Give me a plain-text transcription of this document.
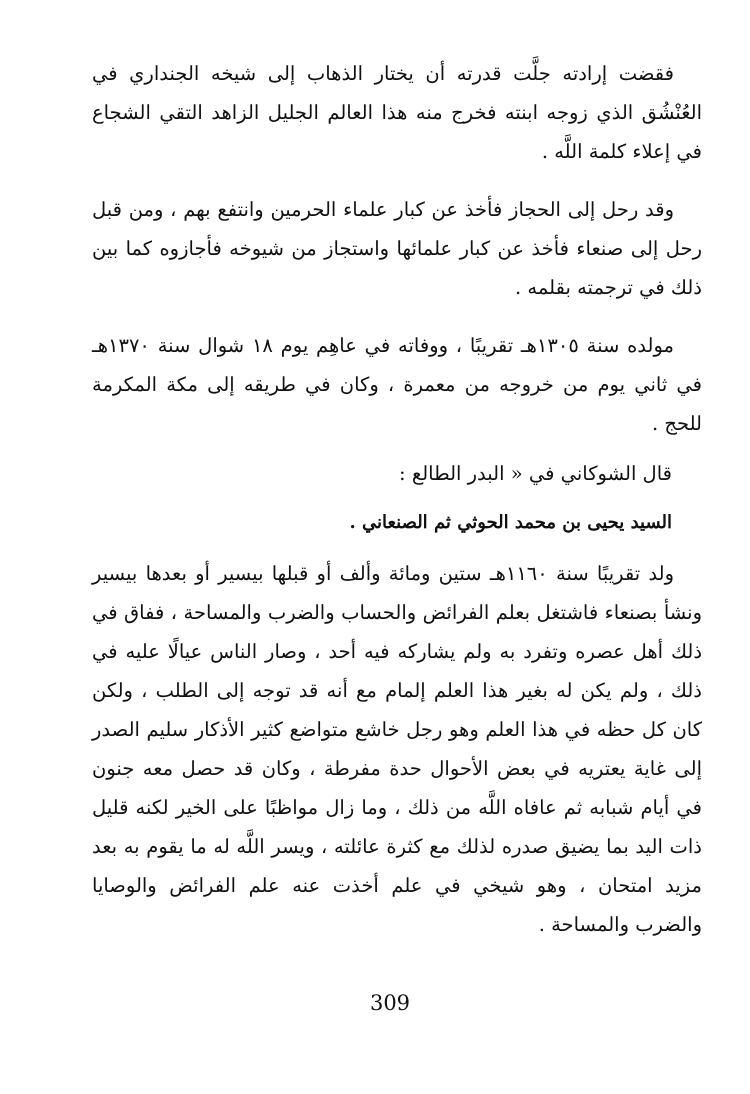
فقضت إرادته جلَّت قدرته أن يختار الذهاب إلى شيخه الجنداري في العُنْشُق الذي زوجه ابنته فخرج منه هذا العالم الجليل الزاهد التقي الشجاع في إعلاء كلمة اللَّه .

وقد رحل إلى الحجاز فأخذ عن كبار علماء الحرمين وانتفع بهم ، ومن قبل رحل إلى صنعاء فأخذ عن كبار علمائها واستجاز من شيوخه فأجازوه كما بين ذلك في ترجمته بقلمه .

مولده سنة ١٣٠٥هـ تقريبًا ، ووفاته في عاهِم يوم ١٨ شوال سنة ١٣٧٠هـ في ثاني يوم من خروجه من معمرة ، وكان في طريقه إلى مكة المكرمة للحج .

قال الشوكاني في « البدر الطالع :

السيد يحيى بن محمد الحوثي ثم الصنعاني .

ولد تقريبًا سنة ١١٦٠هـ ستين ومائة وألف أو قبلها بيسير أو بعدها بيسير ونشأ بصنعاء فاشتغل بعلم الفرائض والحساب والضرب والمساحة ، ففاق في ذلك أهل عصره وتفرد به ولم يشاركه فيه أحد ، وصار الناس عيالًا عليه في ذلك ، ولم يكن له بغير هذا العلم إلمام مع أنه قد توجه إلى الطلب ، ولكن كان كل حظه في هذا العلم وهو رجل خاشع متواضع كثير الأذكار سليم الصدر إلى غاية يعتريه في بعض الأحوال حدة مفرطة ، وكان قد حصل معه جنون في أيام شبابه ثم عافاه اللَّه من ذلك ، وما زال مواظبًا على الخير لكنه قليل ذات اليد بما يضيق صدره لذلك مع كثرة عائلته ، ويسر اللَّه له ما يقوم به بعد مزيد امتحان ، وهو شيخي في علم أخذت عنه علم الفرائض والوصايا والضرب والمساحة .

309
